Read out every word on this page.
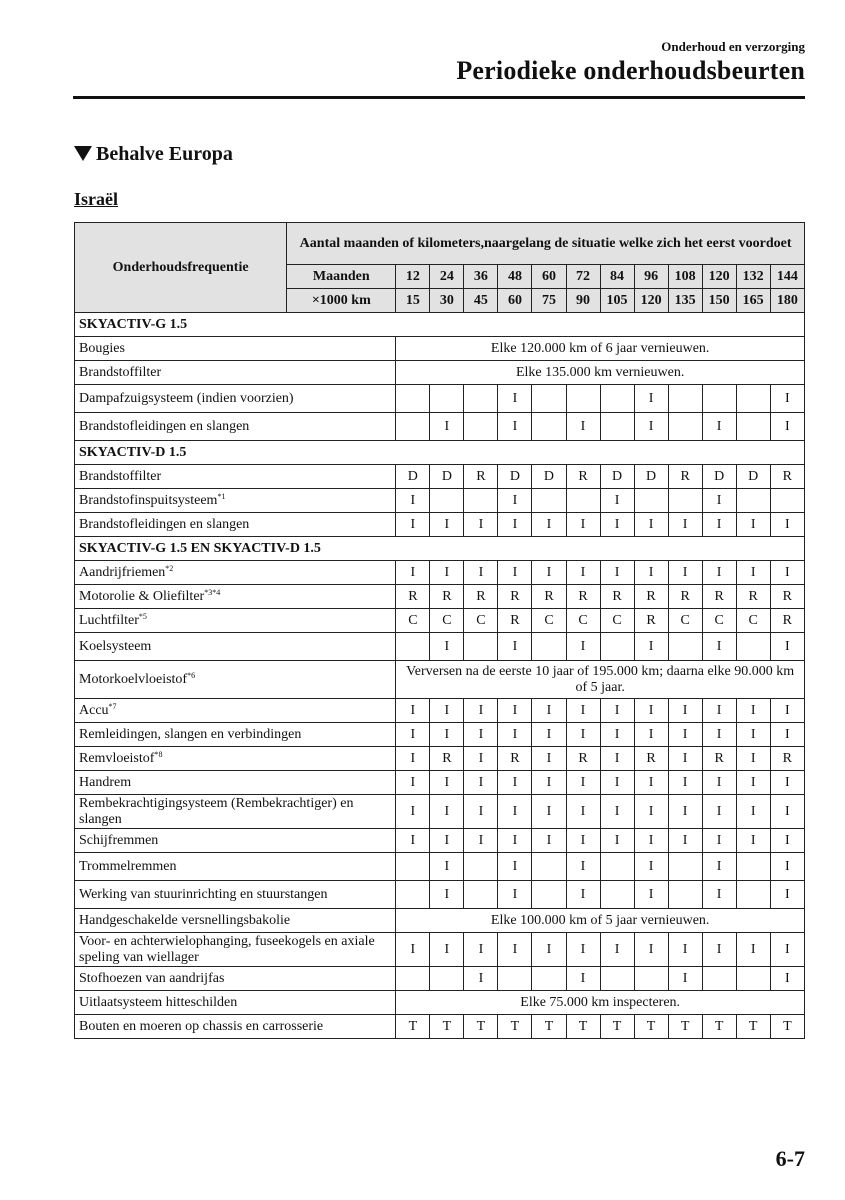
Onderhoud en verzorging
Periodieke onderhoudsbeurten
Behalve Europa
Israël
Onderhoudsfrequentie	Aantal maanden of kilometers,naargelang de situatie welke zich het eerst voordoet												
	Maanden	12	24	36	48	60	72	84	96	108	120	132	144
	×1000 km	15	30	45	60	75	90	105	120	135	150	165	180
SKYACTIV-G 1.5													
Bougies		Elke 120.000 km of 6 jaar vernieuwen.											
Brandstoffilter		Elke 135.000 km vernieuwen.											
Dampafzuigsysteem (indien voorzien)					I				I				I
Brandstofleidingen en slangen			I		I		I		I		I		I
SKYACTIV-D 1.5													
Brandstoffilter		D	D	R	D	D	R	D	D	R	D	D	R
Brandstofinspuitsysteem$^{*1}$		I			I			I			I		
Brandstofleidingen en slangen		I	I	I	I	I	I	I	I	I	I	I	I
SKYACTIV-G 1.5 EN SKYACTIV-D 1.5													
Aandrijfriemen$^{*2}$		I	I	I	I	I	I	I	I	I	I	I	I
Motorolie & Oliefilter$^{*3*4}$		R	R	R	R	R	R	R	R	R	R	R	R
Luchtfilter$^{*5}$		C	C	C	R	C	C	C	R	C	C	C	R
Koelsysteem			I		I		I		I		I		I
Motorkoelvloeistof$^{*6}$		Verversen na de eerste 10 jaar of 195.000 km; daarna elke 90.000 km of 5 jaar.											
Accu$^{*7}$		I	I	I	I	I	I	I	I	I	I	I	I
Remleidingen, slangen en verbindingen		I	I	I	I	I	I	I	I	I	I	I	I
Remvloeistof$^{*8}$		I	R	I	R	I	R	I	R	I	R	I	R
Handrem		I	I	I	I	I	I	I	I	I	I	I	I
Rembekrachtigingsysteem (Rembekrachtiger) en slangen		I	I	I	I	I	I	I	I	I	I	I	I
Schijfremmen		I	I	I	I	I	I	I	I	I	I	I	I
Trommelremmen			I		I		I		I		I		I
Werking van stuurinrichting en stuurstangen			I		I		I		I		I		I
Handgeschakelde versnellingsbakolie		Elke 100.000 km of 5 jaar vernieuwen.											
Voor- en achterwielophanging, fuseekogels en axiale speling van wiellager		I	I	I	I	I	I	I	I	I	I	I	I
Stofhoezen van aandrijfas				I			I			I			I
Uitlaatsysteem hitteschilden		Elke 75.000 km inspecteren.											
Bouten en moeren op chassis en carrosserie		T	T	T	T	T	T	T	T	T	T	T	T
6-7
